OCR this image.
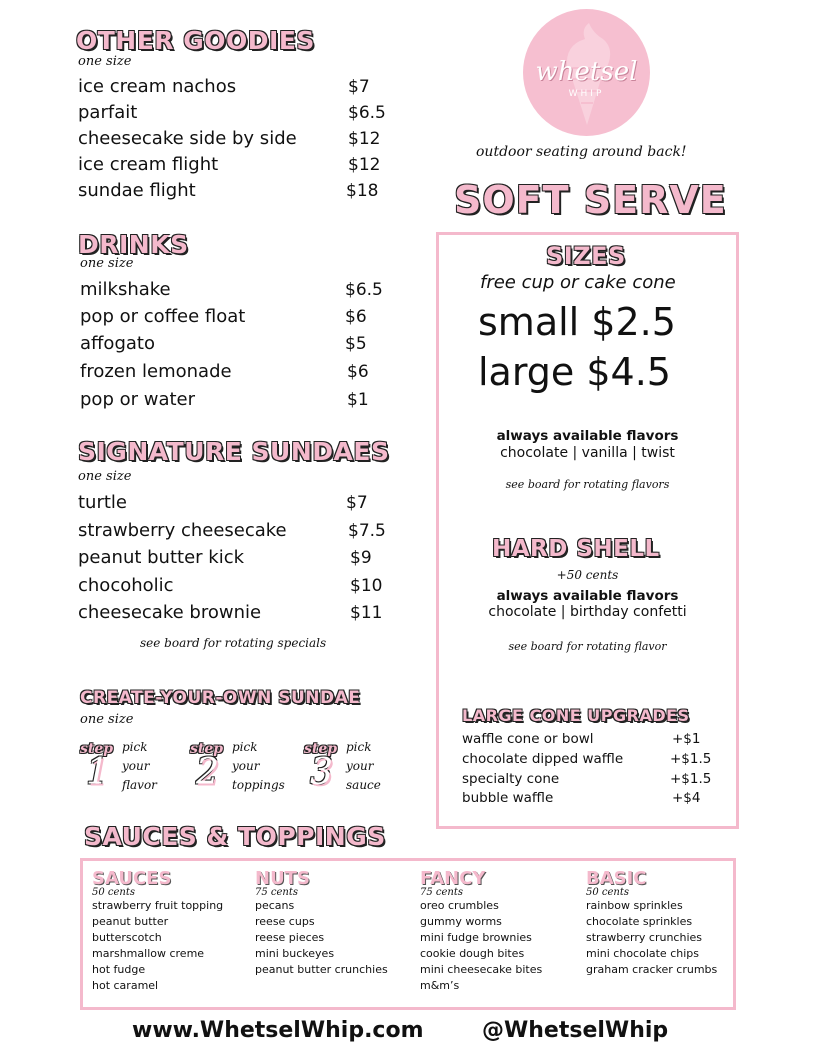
OTHER GOODIES
one size
ice cream nachos	$7
parfait	$6.5
cheesecake side by side	$12
ice cream flight	$12
sundae flight	$18
DRINKS
one size
milkshake	$6.5
pop or coffee float	$6
affogato	$5
frozen lemonade	$6
pop or water	$1
SIGNATURE SUNDAES
one size
turtle	$7
strawberry cheesecake	$7.5
peanut butter kick	$9
chocoholic	$10
cheesecake brownie	$11
see board for rotating specials
CREATE-YOUR-OWN SUNDAE
one size
step
1
pick
your
flavor
step
2
pick
your
toppings
step
3
pick
your
sauce
whetsel
WHIP
outdoor seating around back!
SOFT SERVE
SIZES
free cup or cake cone
small $2.5
large $4.5
always available flavors
chocolate | vanilla | twist
see board for rotating flavors
HARD SHELL
+50 cents
always available flavors
chocolate | birthday confetti
see board for rotating flavor
LARGE CONE UPGRADES
waffle cone or bowl	+$1
chocolate dipped waffle	+$1.5
specialty cone	+$1.5
bubble waffle	+$4
SAUCES & TOPPINGS
SAUCES
50 cents
strawberry fruit topping
peanut butter
butterscotch
marshmallow creme
hot fudge
hot caramel
NUTS
75 cents
pecans
reese cups
reese pieces
mini buckeyes
peanut butter crunchies
FANCY
75 cents
oreo crumbles
gummy worms
mini fudge brownies
cookie dough bites
mini cheesecake bites
m&m’s
BASIC
50 cents
rainbow sprinkles
chocolate sprinkles
strawberry crunchies
mini chocolate chips
graham cracker crumbs
www.WhetselWhip.com	@WhetselWhip
